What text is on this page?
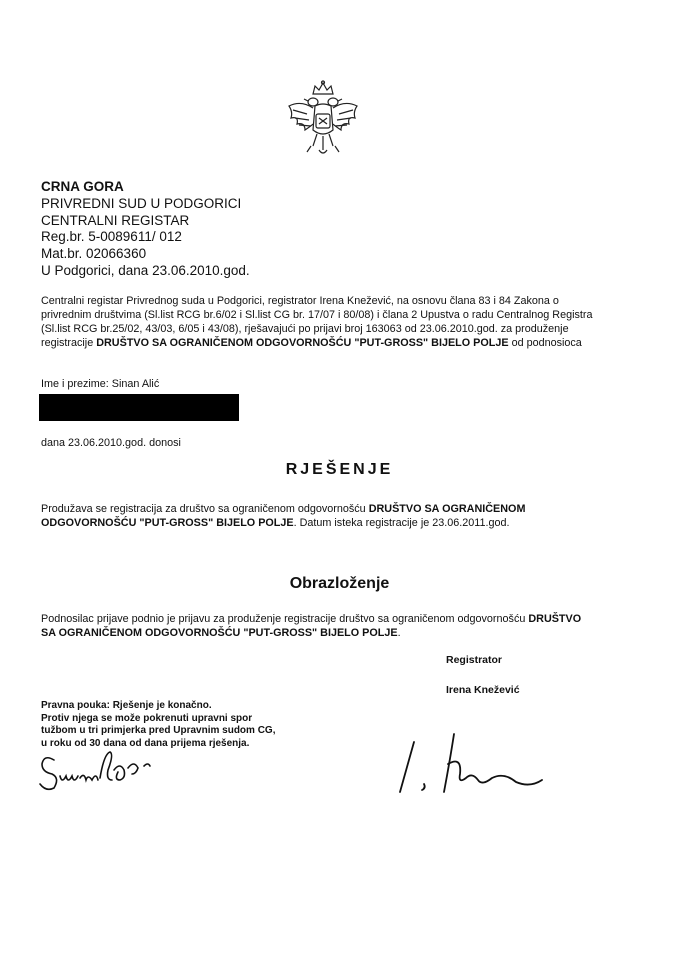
CRNA GORA
PRIVREDNI SUD U PODGORICI
CENTRALNI REGISTAR
Reg.br. 5-0089611/ 012
Mat.br. 02066360
U Podgorici, dana 23.06.2010.god.
Centralni registar Privrednog suda u Podgorici, registrator Irena Knežević, na osnovu člana 83 i 84 Zakona o
privrednim društvima (Sl.list RCG br.6/02 i Sl.list CG br. 17/07 i 80/08) i člana 2 Upustva o radu Centralnog Registra
(Sl.list RCG br.25/02, 43/03, 6/05 i 43/08), rješavajući po prijavi broj 163063 od 23.06.2010.god. za produženje
registracije DRUŠTVO SA OGRANIČENOM ODGOVORNOŠĆU "PUT-GROSS" BIJELO POLJE od podnosioca
Ime i prezime: Sinan Alić
dana 23.06.2010.god. donosi
RJEŠENJE
Produžava se registracija za društvo sa ograničenom odgovornošću DRUŠTVO SA OGRANIČENOM
ODGOVORNOŠĆU "PUT-GROSS" BIJELO POLJE. Datum isteka registracije je 23.06.2011.god.
Obrazloženje
Podnosilac prijave podnio je prijavu za produženje registracije društvo sa ograničenom odgovornošću DRUŠTVO
SA OGRANIČENOM ODGOVORNOŠĆU "PUT-GROSS" BIJELO POLJE.
Registrator
Irena Knežević
Pravna pouka: Rješenje je konačno.
Protiv njega se može pokrenuti upravni spor
tužbom u tri primjerka pred Upravnim sudom CG,
u roku od 30 dana od dana prijema rješenja.
